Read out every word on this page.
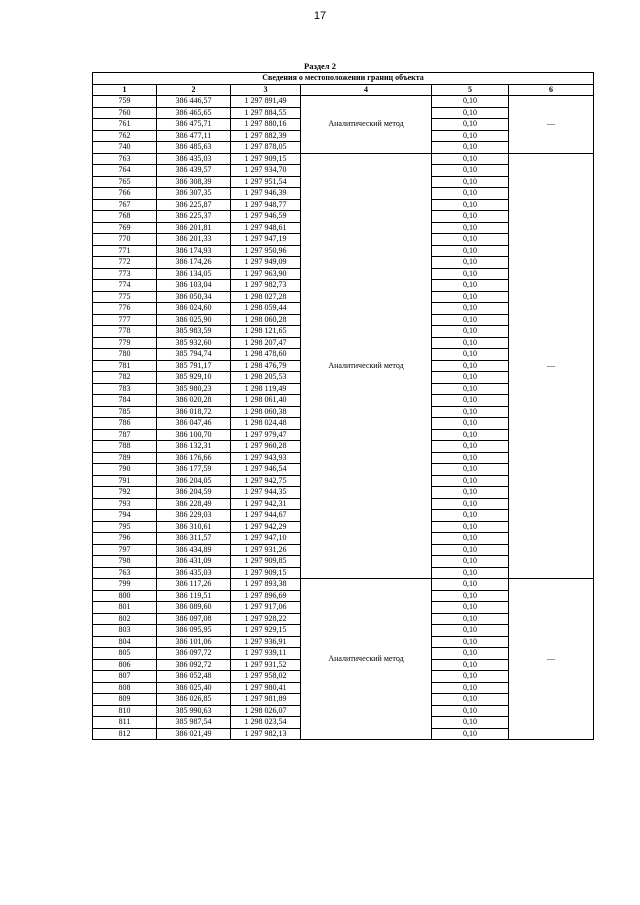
17
Раздел 2
Сведения о местоположении границ объекта					
1	2	3	4	5	6
759	386 446,57	1 297 891,49	Аналитический метод	0,10	—
760	386 465,65	1 297 884,55		0,10	
761	386 475,71	1 297 880,16		0,10	
762	386 477,11	1 297 882,39		0,10	
740	386 485,63	1 297 878,05		0,10	
763	386 435,03	1 297 909,15	Аналитический метод	0,10	—
764	386 439,57	1 297 934,70		0,10	
765	386 308,39	1 297 951,54		0,10	
766	386 307,35	1 297 946,39		0,10	
767	386 225,87	1 297 948,77		0,10	
768	386 225,37	1 297 946,59		0,10	
769	386 201,81	1 297 948,61		0,10	
770	386 201,33	1 297 947,19		0,10	
771	386 174,93	1 297 950,96		0,10	
772	386 174,26	1 297 949,09		0,10	
773	386 134,05	1 297 963,90		0,10	
774	386 103,04	1 297 982,73		0,10	
775	386 050,34	1 298 027,28		0,10	
776	386 024,60	1 298 059,44		0,10	
777	386 025,90	1 298 060,28		0,10	
778	385 983,59	1 298 121,65		0,10	
779	385 932,60	1 298 207,47		0,10	
780	385 794,74	1 298 478,60		0,10	
781	385 791,17	1 298 476,79		0,10	
782	385 929,10	1 298 205,53		0,10	
783	385 980,23	1 298 119,49		0,10	
784	386 020,28	1 298 061,40		0,10	
785	386 018,72	1 298 060,38		0,10	
786	386 047,46	1 298 024,48		0,10	
787	386 100,70	1 297 979,47		0,10	
788	386 132,31	1 297 960,28		0,10	
789	386 176,66	1 297 943,93		0,10	
790	386 177,59	1 297 946,54		0,10	
791	386 204,05	1 297 942,75		0,10	
792	386 204,59	1 297 944,35		0,10	
793	386 228,49	1 297 942,31		0,10	
794	386 229,03	1 297 944,67		0,10	
795	386 310,61	1 297 942,29		0,10	
796	386 311,57	1 297 947,10		0,10	
797	386 434,89	1 297 931,26		0,10	
798	386 431,09	1 297 909,85		0,10	
763	386 435,03	1 297 909,15		0,10	
799	386 117,26	1 297 893,38	Аналитический метод	0,10	—
800	386 119,51	1 297 896,69		0,10	
801	386 089,60	1 297 917,06		0,10	
802	386 097,08	1 297 928,22		0,10	
803	386 095,95	1 297 929,15		0,10	
804	386 101,06	1 297 936,91		0,10	
805	386 097,72	1 297 939,11		0,10	
806	386 092,72	1 297 931,52		0,10	
807	386 052,48	1 297 958,02		0,10	
808	386 025,40	1 297 980,41		0,10	
809	386 026,85	1 297 981,89		0,10	
810	385 990,63	1 298 026,07		0,10	
811	385 987,54	1 298 023,54		0,10	
812	386 021,49	1 297 982,13		0,10	
